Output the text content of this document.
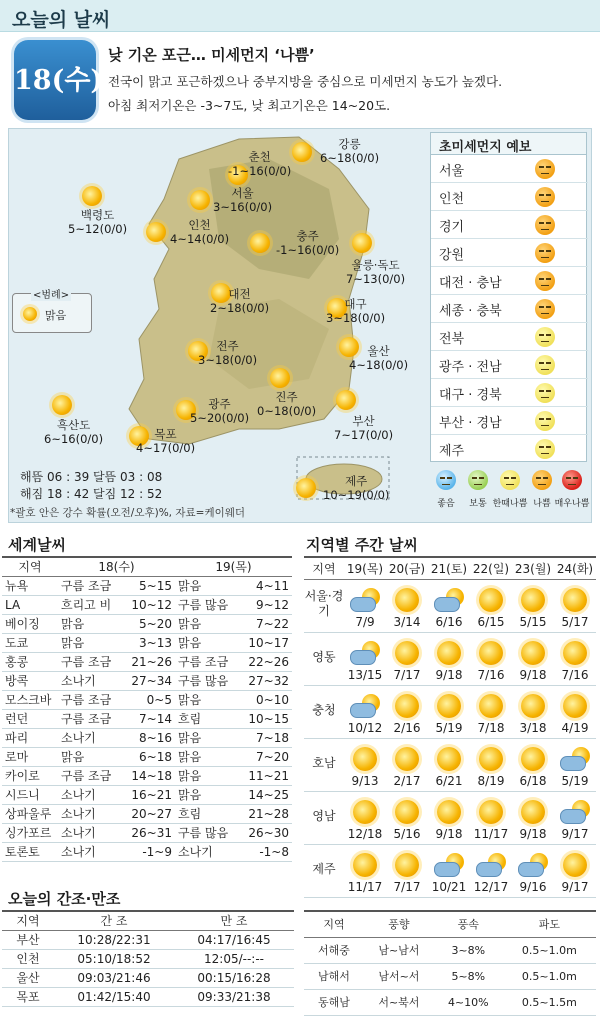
오늘의 날씨
18(수)
낮 기온 포근… 미세먼지 ‘나쁨’
전국이 맑고 포근하겠으나 중부지방을 중심으로 미세먼지 농도가 높겠다.
아침 최저기온은 -3~7도, 낮 최고기온은 14~20도.
춘천
-1~16(0/0)
강릉
6~18(0/0)
서울
3~16(0/0)
백령도
5~12(0/0)	인천
4~14(0/0)	충주
-1~16(0/0)
울릉·독도
7~13(0/0)
대전
2~18(0/0)	대구
3~18(0/0)
전주
3~18(0/0)
울산
4~18(0/0)
진주
0~18(0/0)
흑산도
6~16(0/0)
광주
5~20(0/0)	부산
7~17(0/0)
목포
4~17(0/0)
제주
10~19(0/0)
<범례>
맑음
해뜸 06 : 39 달뜸 03 : 08
해짐 18 : 42 달짐 12 : 52
*괄호 안은 강수 확률(오전/오후)%, 자료=케이웨더
초미세먼지 예보
서울
인천
경기
강원
대전 · 충남
세종 · 충북
전북
광주 · 전남
대구 · 경북
부산 · 경남
제주
좋음	보통 한때나쁨 나쁨 매우나쁨
세계날씨
지역	18(수)		19(목)	
뉴욕	구름 조금	5~15	맑음	4~11
LA	흐리고 비	10~12	구름 많음	9~12
베이징	맑음	5~20	맑음	7~22
도쿄	맑음	3~13	맑음	10~17
홍콩	구름 조금	21~26	구름 조금	22~26
방콕	소나기	27~34	구름 많음	27~32
모스크바	구름 조금	0~5	맑음	0~10
런던	구름 조금	7~14	흐림	10~15
파리	소나기	8~16	맑음	7~18
로마	맑음	6~18	맑음	7~20
카이로	구름 조금	14~18	맑음	11~21
시드니	소나기	16~21	맑음	14~25
상파울루	소나기	20~27	흐림	21~28
싱가포르	소나기	26~31	구름 많음	26~30
토론토	소나기	-1~9	소나기	-1~8
지역별 주간 날씨
지역	19(목)	20(금)	21(토)	22(일)	23(월)	24(화)
서울·경기	7/9	3/14	6/16	6/15	5/15	5/17
영동	13/15	7/17	9/18	7/16	9/18	7/16
충청	10/12	2/16	5/19	7/18	3/18	4/19
호남	9/13	2/17	6/21	8/19	6/18	5/19
영남	12/18	5/16	9/18	11/17	9/18	9/17
제주	11/17	7/17	10/21	12/17	9/16	9/17
오늘의 간조·만조
지역	간 조	만 조
부산	10:28/22:31	04:17/16:45
인천	05:10/18:52	12:05/--:--
울산	09:03/21:46	00:15/16:28
목포	01:42/15:40	09:33/21:38
지역	풍향	풍속	파도
서해중	남~남서	3~8%	0.5~1.0m
남해서	남서~서	5~8%	0.5~1.0m
동해남	서~북서	4~10%	0.5~1.5m
